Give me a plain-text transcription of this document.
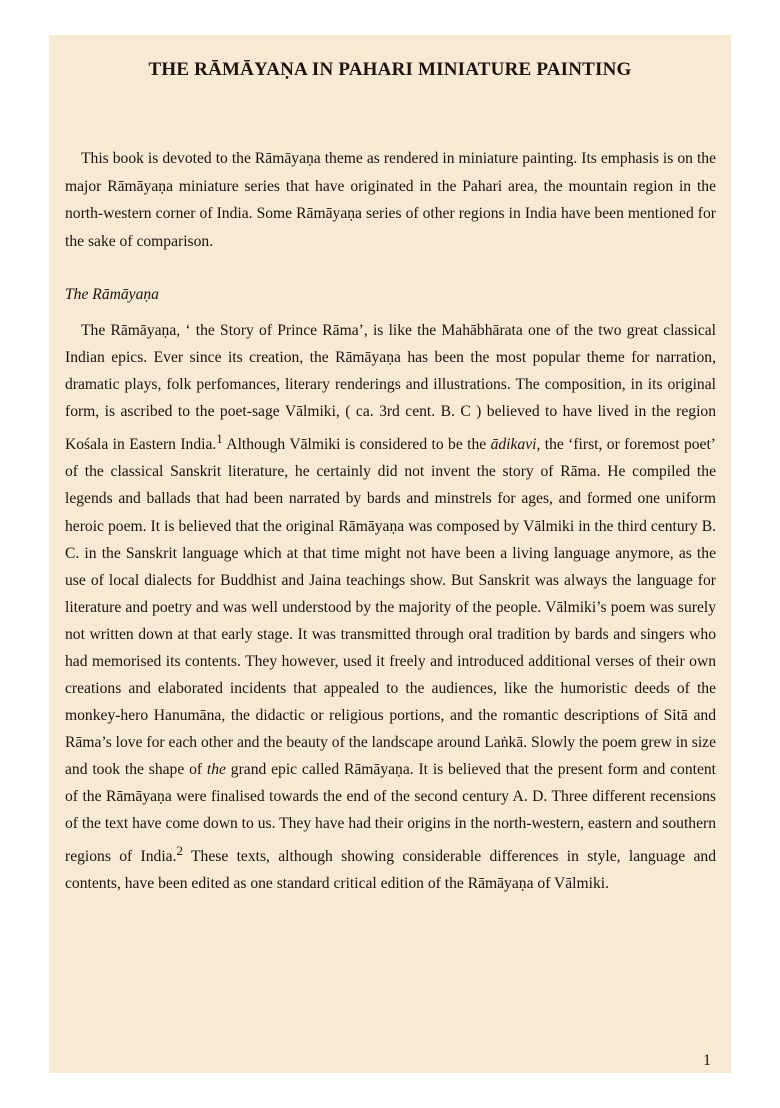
THE RĀMĀYAṆA IN PAHARI MINIATURE PAINTING

This book is devoted to the Rāmāyaṇa theme as rendered in miniature painting. Its emphasis is on the major Rāmāyaṇa miniature series that have originated in the Pahari area, the mountain region in the north-western corner of India. Some Rāmāyaṇa series of other regions in India have been mentioned for the sake of comparison.

The Rāmāyaṇa

The Rāmāyaṇa, ‘ the Story of Prince Rāma’, is like the Mahābhārata one of the two great classical Indian epics. Ever since its creation, the Rāmāyaṇa has been the most popular theme for narration, dramatic plays, folk perfomances, literary renderings and illustrations. The composition, in its original form, is ascribed to the poet-sage Vālmiki, ( ca. 3rd cent. B. C ) believed to have lived in the region Kośala in Eastern India.$^1$ Although Vālmiki is considered to be the ādikavi, the ‘first, or foremost poet’ of the classical Sanskrit literature, he certainly did not invent the story of Rāma. He compiled the legends and ballads that had been narrated by bards and minstrels for ages, and formed one uniform heroic poem. It is believed that the original Rāmāyaṇa was composed by Vālmiki in the third century B. C. in the Sanskrit language which at that time might not have been a living language anymore, as the use of local dialects for Buddhist and Jaina teachings show. But Sanskrit was always the language for literature and poetry and was well understood by the majority of the people. Vālmiki’s poem was surely not written down at that early stage. It was transmitted through oral tradition by bards and singers who had memorised its contents. They however, used it freely and introduced additional verses of their own creations and elaborated incidents that appealed to the audiences, like the humoristic deeds of the monkey-hero Hanumāna, the didactic or religious portions, and the romantic descriptions of Sitā and Rāma’s love for each other and the beauty of the landscape around Laṅkā. Slowly the poem grew in size and took the shape of the grand epic called Rāmāyaṇa. It is believed that the present form and content of the Rāmāyaṇa were finalised towards the end of the second century A. D. Three different recensions of the text have come down to us. They have had their origins in the north-western, eastern and southern regions of India.$^2$ These texts, although showing considerable differences in style, language and contents, have been edited as one standard critical edition of the Rāmāyaṇa of Vālmiki.

1
